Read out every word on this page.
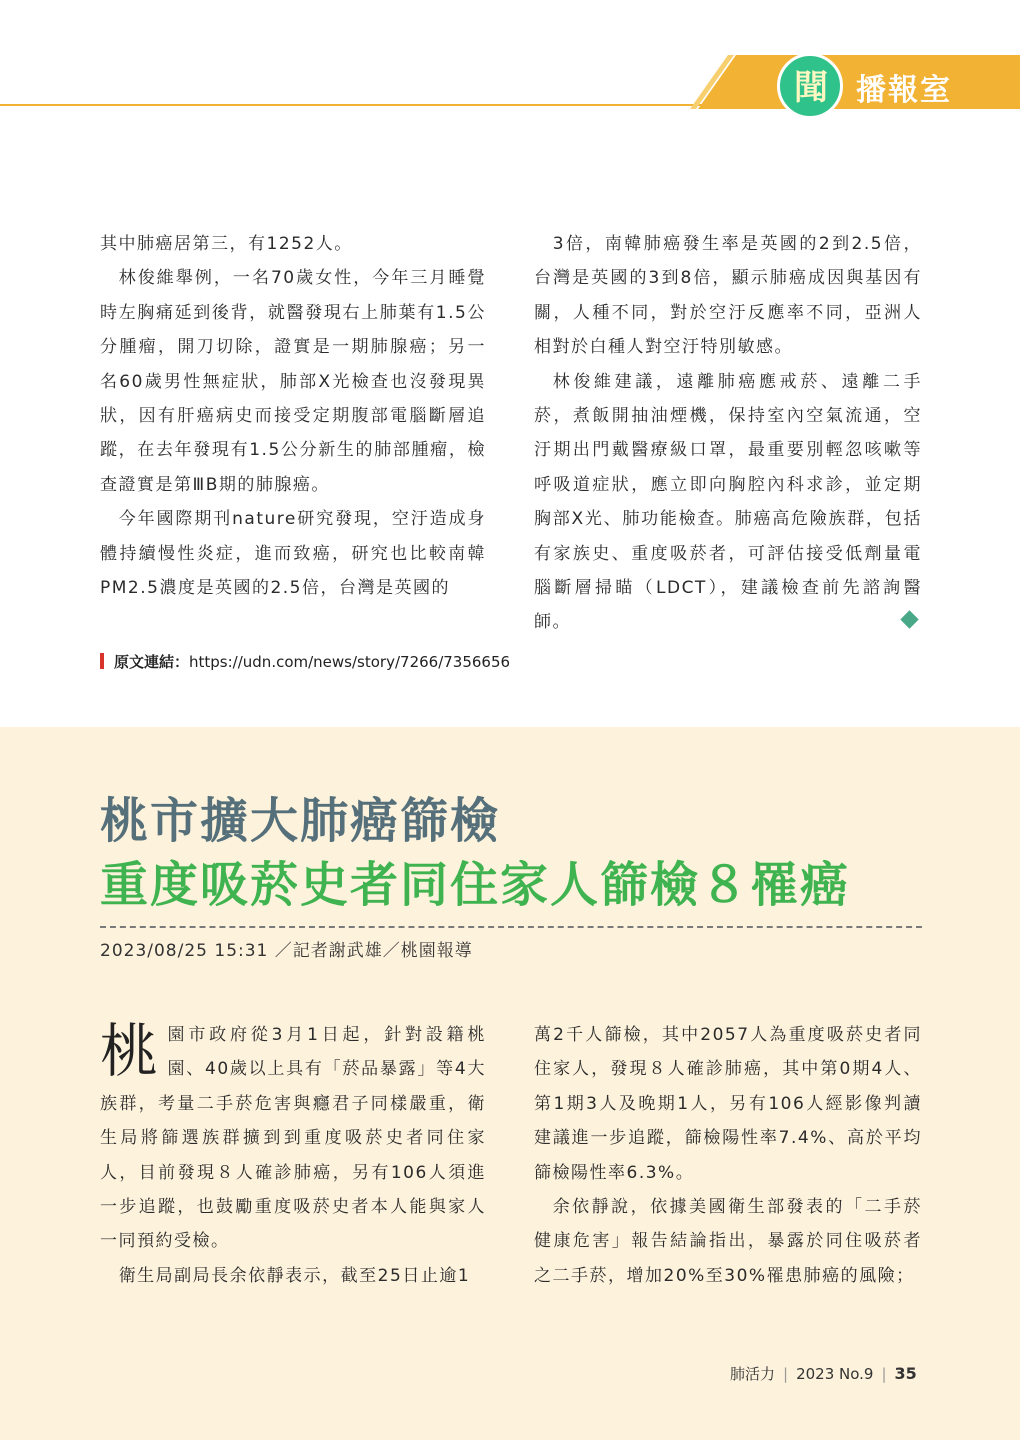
新	聞 播報室

其中肺癌居第三，有1252人。

林俊維舉例，一名70歲女性，今年三月睡覺時左胸痛延到後背，就醫發現右上肺葉有1.5公分腫瘤，開刀切除，證實是一期肺腺癌；另一名60歲男性無症狀，肺部X光檢查也沒發現異狀，因有肝癌病史而接受定期腹部電腦斷層追蹤，在去年發現有1.5公分新生的肺部腫瘤，檢查證實是第ⅢB期的肺腺癌。

今年國際期刊nature研究發現，空汙造成身體持續慢性炎症，進而致癌，研究也比較南韓 PM2.5濃度是英國的2.5倍，台灣是英國的

3倍，南韓肺癌發生率是英國的2到2.5倍，台灣是英國的3到8倍，顯示肺癌成因與基因有關，人種不同，對於空汙反應率不同，亞洲人相對於白種人對空汙特別敏感。

林俊維建議，遠離肺癌應戒菸、遠離二手菸，煮飯開抽油煙機，保持室內空氣流通，空汙期出門戴醫療級口罩，最重要別輕忽咳嗽等呼吸道症狀，應立即向胸腔內科求診，並定期胸部X光、肺功能檢查。肺癌高危險族群，包括有家族史、重度吸菸者，可評估接受低劑量電腦斷層掃瞄（LDCT），建議檢查前先諮詢醫師。

原文連結：https://udn.com/news/story/7266/7356656
桃市擴大肺癌篩檢
重度吸菸史者同住家人篩檢８罹癌
2023/08/25 15:31 ／記者謝武雄／桃園報導

桃園市政府從3月1日起，針對設籍桃園、40歲以上具有「菸品暴露」等4大族群，考量二手菸危害與癮君子同樣嚴重，衛生局將篩選族群擴到到重度吸菸史者同住家人，目前發現８人確診肺癌，另有106人須進一步追蹤，也鼓勵重度吸菸史者本人能與家人一同預約受檢。

衛生局副局長余依靜表示，截至25日止逾1

萬2千人篩檢，其中2057人為重度吸菸史者同住家人，發現８人確診肺癌，其中第0期4人、第1期3人及晚期1人，另有106人經影像判讀建議進一步追蹤，篩檢陽性率7.4%、高於平均篩檢陽性率6.3%。

余依靜說，依據美國衛生部發表的「二手菸健康危害」報告結論指出，暴露於同住吸菸者之二手菸，增加20%至30%罹患肺癌的風險；

肺活力 | 2023 No.9 | 35
